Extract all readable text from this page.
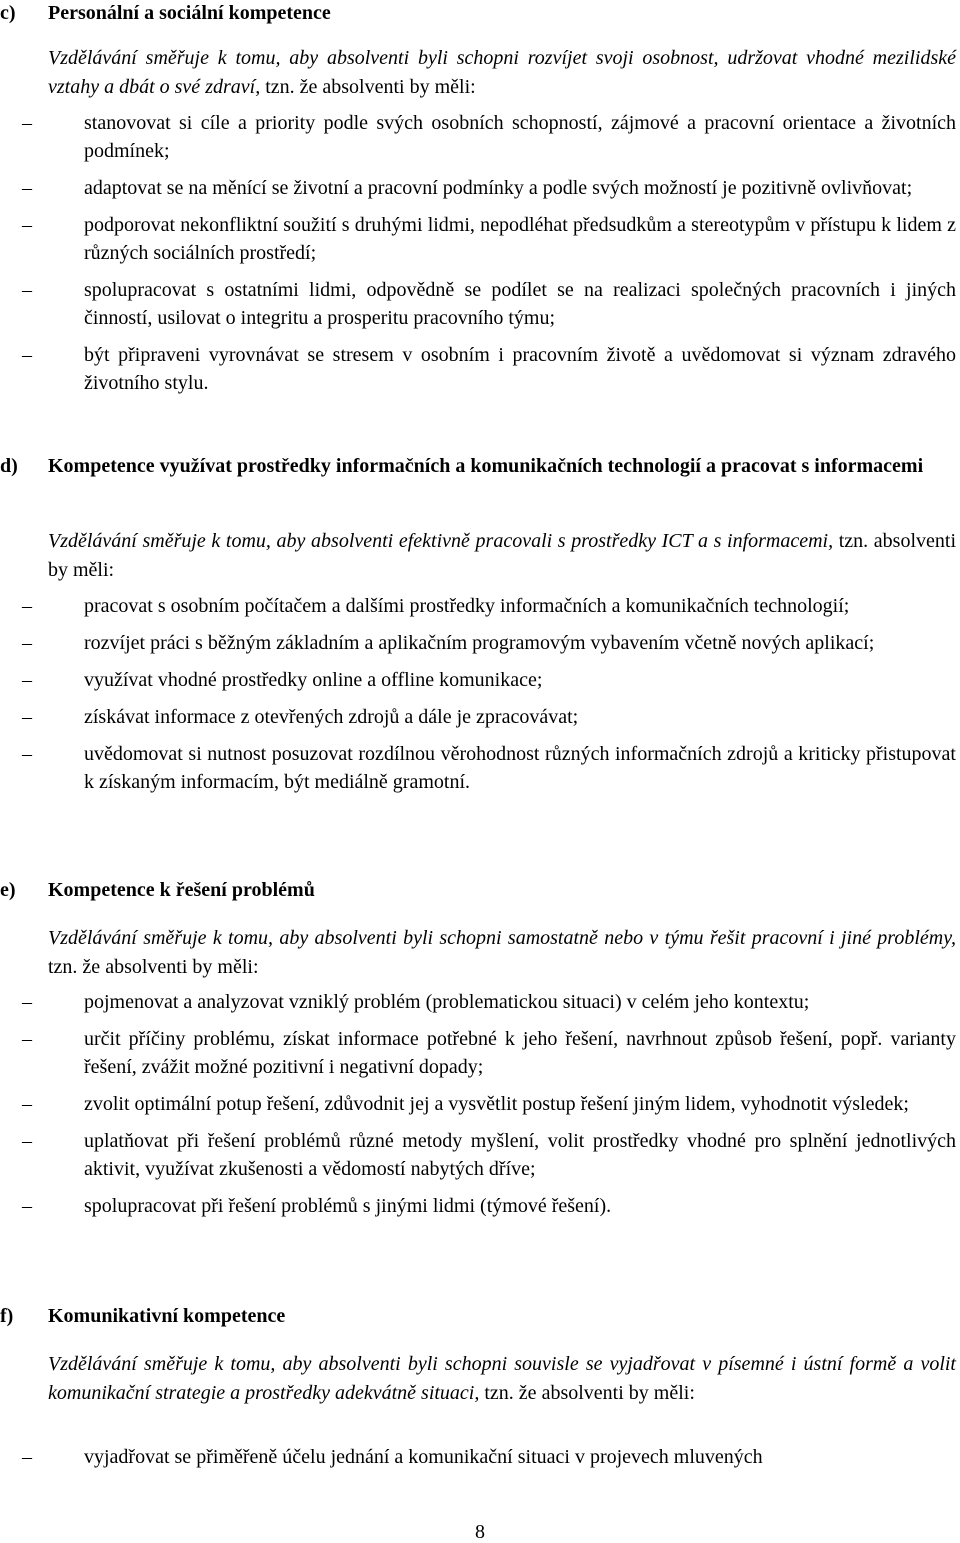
c)	Personální a sociální kompetence
Vzdělávání směřuje k tomu, aby absolventi byli schopni rozvíjet svoji osobnost, udržovat vhodné mezilidské vztahy a dbát o své zdraví, tzn. že absolventi by měli:
–	stanovovat si cíle a priority podle svých osobních schopností, zájmové a pracovní orientace a životních podmínek;
–	adaptovat se na měnící se životní a pracovní podmínky a podle svých možností je pozitivně ovlivňovat;
–	podporovat nekonfliktní soužití s druhými lidmi, nepodléhat předsudkům a stereotypům v přístupu k lidem z různých sociálních prostředí;
–	spolupracovat s ostatními lidmi, odpovědně se podílet se na realizaci společných pracovních i jiných činností, usilovat o integritu a prosperitu pracovního týmu;
–	být připraveni vyrovnávat se stresem v osobním i pracovním životě a uvědomovat si význam zdravého životního stylu.
d)	Kompetence využívat prostředky informačních a komunikačních technologií a pracovat s informacemi
Vzdělávání směřuje k tomu, aby absolventi efektivně pracovali s prostředky ICT a s informacemi, tzn. absolventi by měli:
–	pracovat s osobním počítačem a dalšími prostředky informačních a komunikačních technologií;
–	rozvíjet práci s běžným základním a aplikačním programovým vybavením včetně nových aplikací;
–	využívat vhodné prostředky online a offline komunikace;
–	získávat informace z otevřených zdrojů a dále je zpracovávat;
–	uvědomovat si nutnost posuzovat rozdílnou věrohodnost různých informačních zdrojů a kriticky přistupovat k získaným informacím, být mediálně gramotní.
e)	Kompetence k řešení problémů
Vzdělávání směřuje k tomu, aby absolventi byli schopni samostatně nebo v týmu řešit pracovní i jiné problémy, tzn. že absolventi by měli:
–	pojmenovat a analyzovat vzniklý problém (problematickou situaci) v celém jeho kontextu;
–	určit příčiny problému, získat informace potřebné k jeho řešení, navrhnout způsob řešení, popř. varianty řešení, zvážit možné pozitivní i negativní dopady;
–	zvolit optimální potup řešení, zdůvodnit jej a vysvětlit postup řešení jiným lidem, vyhodnotit výsledek;
–	uplatňovat při řešení problémů různé metody myšlení, volit prostředky vhodné pro splnění jednotlivých aktivit, využívat zkušenosti a vědomostí nabytých dříve;
–	spolupracovat při řešení problémů s jinými lidmi (týmové řešení).
f)	Komunikativní kompetence
Vzdělávání směřuje k tomu, aby absolventi byli schopni souvisle se vyjadřovat v písemné i ústní formě a volit komunikační strategie a prostředky adekvátně situaci, tzn. že absolventi by měli:
–	vyjadřovat se přiměřeně účelu jednání a komunikační situaci v projevech mluvených
8
